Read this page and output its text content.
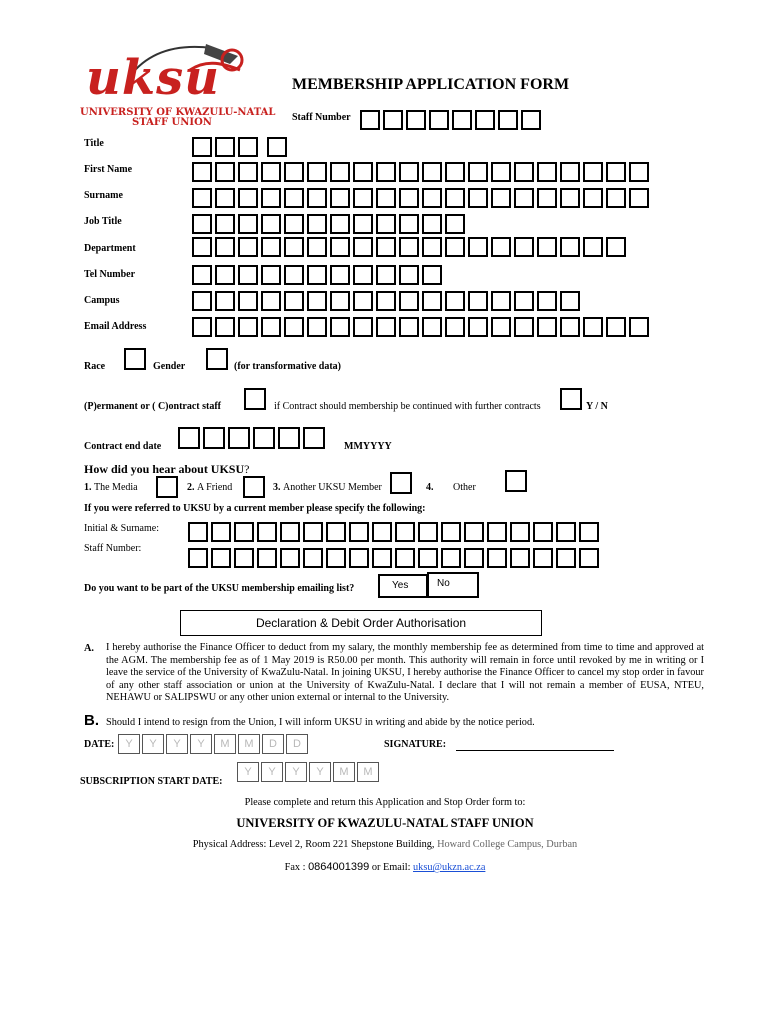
uksu
UNIVERSITY OF KWAZULU-NATAL
STAFF UNION
MEMBERSHIP APPLICATION FORM
Staff Number
Title
First Name
Surname
Job Title
Department
Tel Number
Campus
Email Address
Race	Gender	(for transformative data)
(P)ermanent or ( C)ontract staff	if Contract should membership be continued with further contracts	Y / N
Contract end date	MMYYYY
How did you hear about UKSU?
1. The Media	2. A Friend	3. Another UKSU Member	4. Other
If you were referred to UKSU by a current member please specify the following:
Initial & Surname:
Staff Number:
Do you want to be part of the UKSU membership emailing list?	Yes	No
Declaration & Debit Order Authorisation
A. I hereby authorise the Finance Officer to deduct from my salary, the monthly membership fee as determined from time to time and approved at the AGM. The membership fee as of 1 May 2019 is R50.00 per month. This authority will remain in force until revoked by me in writing or I leave the service of the University of KwaZulu-Natal. In joining UKSU, I hereby authorise the Finance Officer to cancel my stop order in favour of any other staff association or union at the University of KwaZulu-Natal. I declare that I will not remain a member of EUSA, NTEU, NEHAWU or SALIPSWU or any other union external or internal to the University.
B. Should I intend to resign from the Union, I will inform UKSU in writing and abide by the notice period.
DATE: Y	Y	Y	Y	M	M	D	D	SIGNATURE:
SUBSCRIPTION START DATE:
Y	Y	Y	Y	M	M
Please complete and return this Application and Stop Order form to:
UNIVERSITY OF KWAZULU-NATAL STAFF UNION
Physical Address: Level 2, Room 221 Shepstone Building, Howard College Campus, Durban
Fax : 0864001399 or Email: uksu@ukzn.ac.za
